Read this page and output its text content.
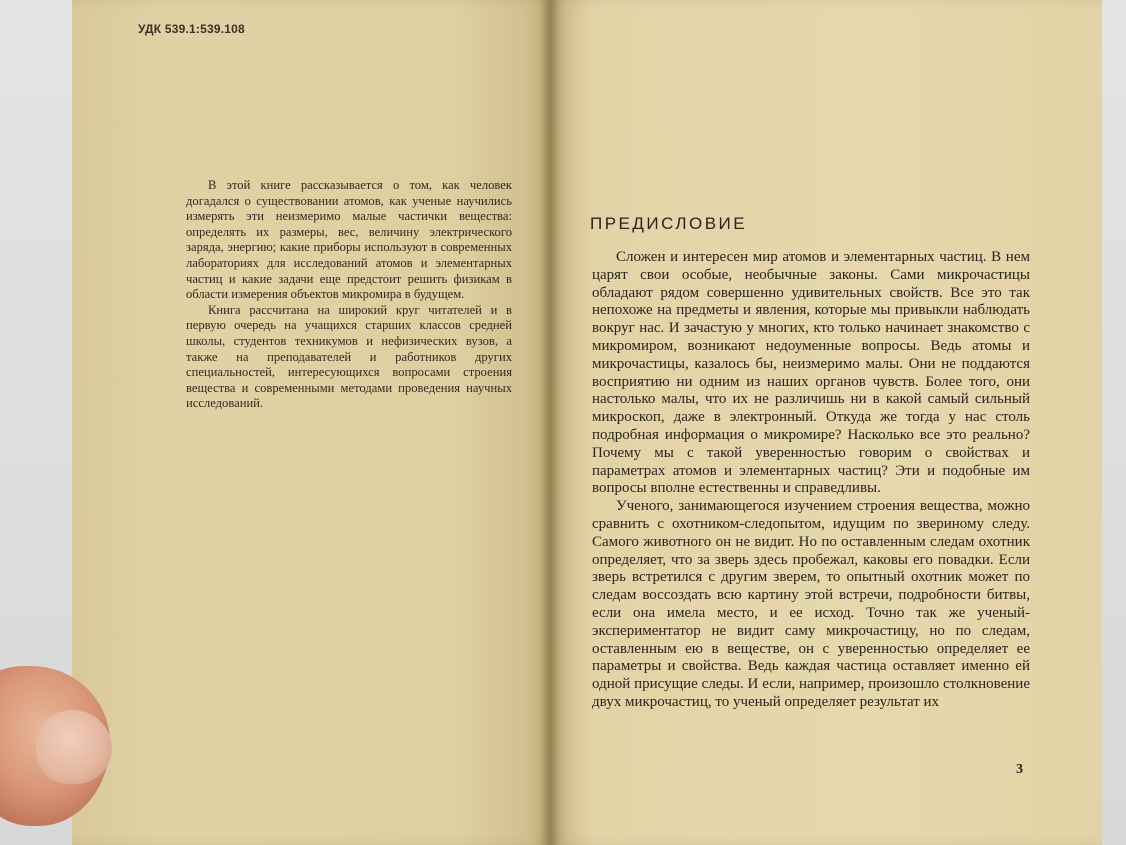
УДК 539.1:539.108

В этой книге рассказывается о том, как человек догадался о существовании атомов, как ученые научились измерять эти неизмеримо малые частички вещества: определять их размеры, вес, величину электрического заряда, энергию; какие приборы используют в современных лабораториях для исследований атомов и элементарных частиц и какие задачи еще предстоит решить физикам в области измерения объектов микромира в будущем.

Книга рассчитана на широкий круг читателей и в первую очередь на учащихся старших классов средней школы, студентов техникумов и нефизических вузов, а также на преподавателей и работников других специальностей, интересующихся вопросами строения вещества и современными методами проведения научных исследований.

ПРЕДИСЛОВИЕ

Сложен и интересен мир атомов и элементарных частиц. В нем царят свои особые, необычные законы. Сами микрочастицы обладают рядом совершенно удивительных свойств. Все это так непохоже на предметы и явления, которые мы привыкли наблюдать вокруг нас. И зачастую у многих, кто только начинает знакомство с микромиром, возникают недоуменные вопросы. Ведь атомы и микрочастицы, казалось бы, неизмеримо малы. Они не поддаются восприятию ни одним из наших органов чувств. Более того, они настолько малы, что их не различишь ни в какой самый сильный микроскоп, даже в электронный. Откуда же тогда у нас столь подробная информация о микромире? Насколько все это реально? Почему мы с такой уверенностью говорим о свойствах и параметрах атомов и элементарных частиц? Эти и подобные им вопросы вполне естественны и справедливы.

Ученого, занимающегося изучением строения вещества, можно сравнить с охотником-следопытом, идущим по звериному следу. Самого животного он не видит. Но по оставленным следам охотник определяет, что за зверь здесь пробежал, каковы его повадки. Если зверь встретился с другим зверем, то опытный охотник может по следам воссоздать всю картину этой встречи, подробности битвы, если она имела место, и ее исход. Точно так же ученый-экспериментатор не видит саму микрочастицу, но по следам, оставленным ею в веществе, он с уверенностью определяет ее параметры и свойства. Ведь каждая частица оставляет именно ей одной присущие следы. И если, например, произошло столкновение двух микрочастиц, то ученый определяет результат их

3
